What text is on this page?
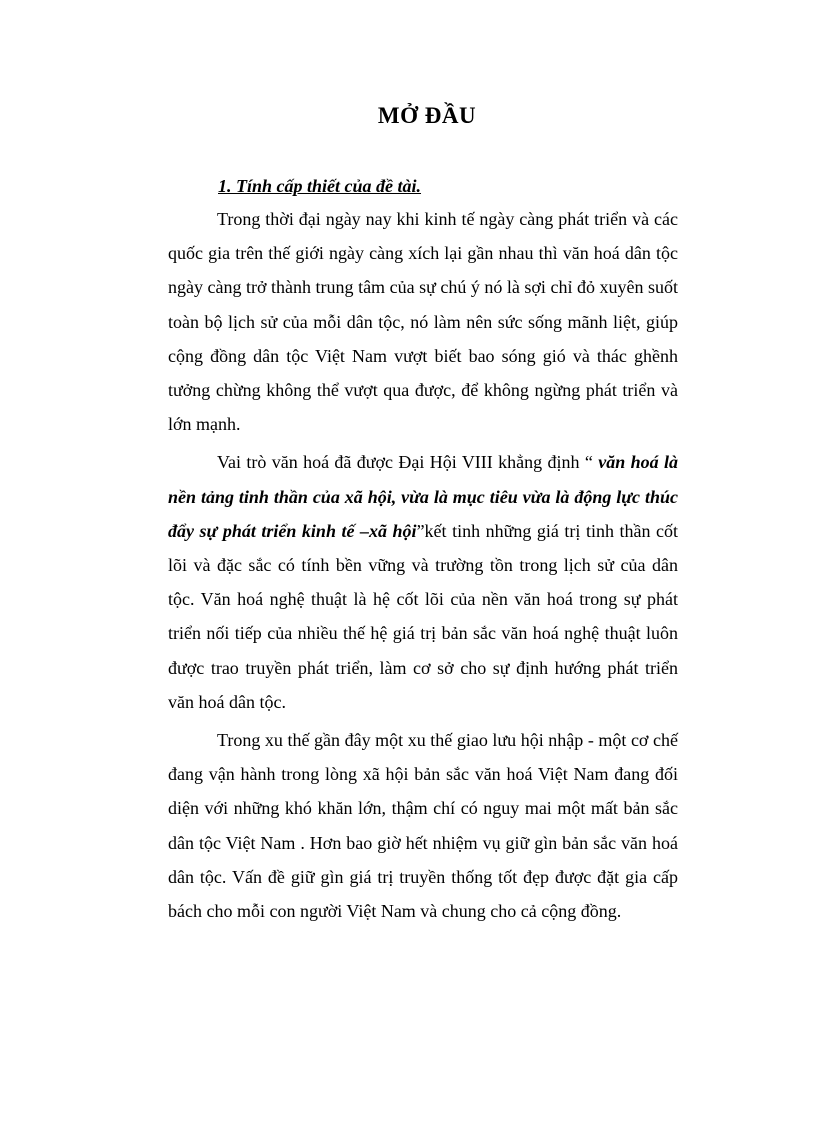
MỞ ĐẦU
1. Tính cấp thiết của đề tài.

Trong thời đại ngày nay khi kinh tế ngày càng phát triển và các quốc gia trên thế giới ngày càng xích lại gần nhau thì văn hoá dân tộc ngày càng trở thành trung tâm của sự chú ý nó là sợi chỉ đỏ xuyên suốt toàn bộ lịch sử của mỗi dân tộc, nó làm nên sức sống mãnh liệt, giúp cộng đồng dân tộc Việt Nam vượt biết bao sóng gió và thác ghềnh tưởng chừng không thể vượt qua được, để không ngừng phát triển và lớn mạnh.

Vai trò văn hoá đã được Đại Hội VIII khẳng định “ văn hoá là nền tảng tinh thần của xã hội, vừa là mục tiêu vừa là động lực thúc đẩy sự phát triển kinh tế –xã hội”kết tinh những giá trị tinh thần cốt lõi và đặc sắc có tính bền vững và trường tồn trong lịch sử của dân tộc. Văn hoá nghệ thuật là hệ cốt lõi của nền văn hoá trong sự phát triển nối tiếp của nhiều thế hệ giá trị bản sắc văn hoá nghệ thuật luôn được trao truyền phát triển, làm cơ sở cho sự định hướng phát triển văn hoá dân tộc.

Trong xu thế gần đây một xu thế giao lưu hội nhập - một cơ chế đang vận hành trong lòng xã hội bản sắc văn hoá Việt Nam đang đối diện với những khó khăn lớn, thậm chí có nguy mai một mất bản sắc dân tộc Việt Nam . Hơn bao giờ hết nhiệm vụ giữ gìn bản sắc văn hoá dân tộc. Vấn đề giữ gìn giá trị truyền thống tốt đẹp được đặt gia cấp bách cho mỗi con người Việt Nam và chung cho cả cộng đồng.
